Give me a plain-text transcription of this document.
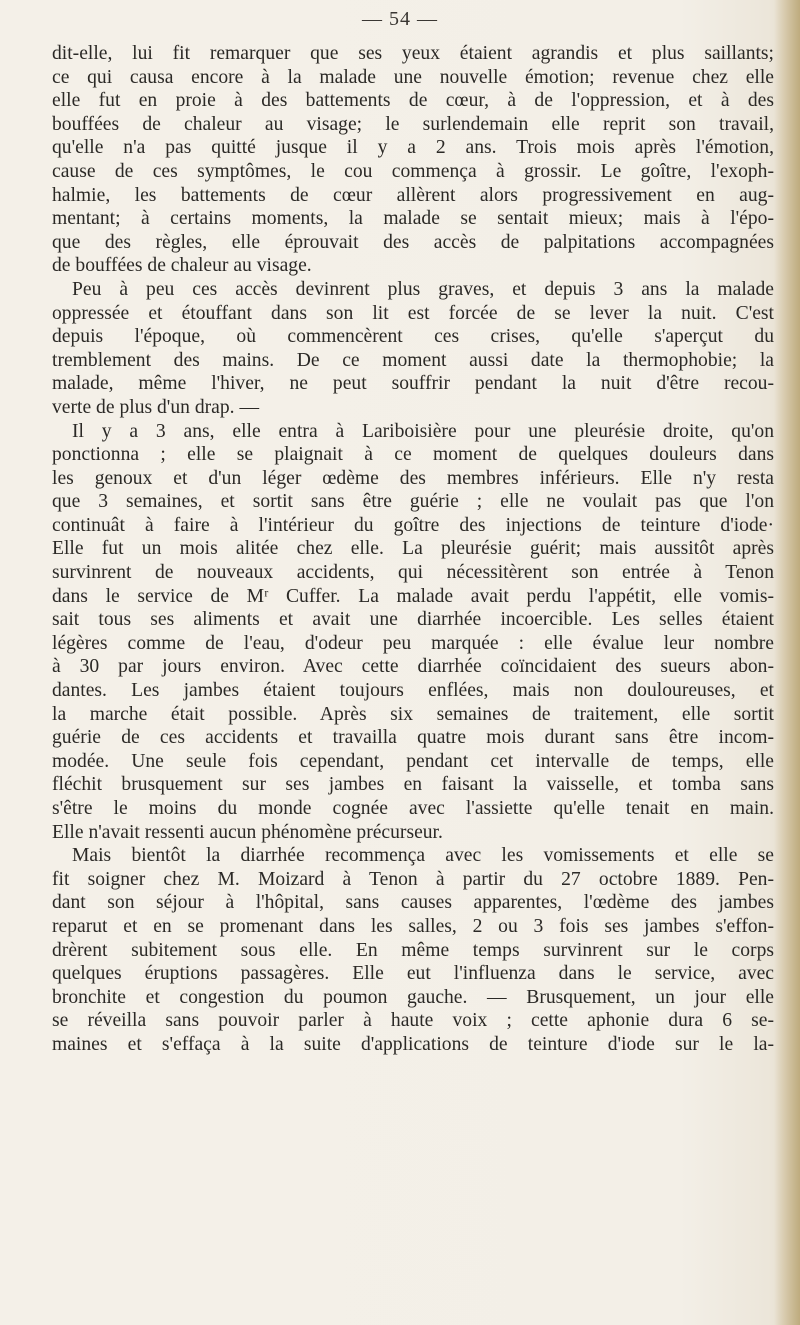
— 54 —
dit-elle, lui fit remarquer que ses yeux étaient agrandis et plus saillants;
ce qui causa encore à la malade une nouvelle émotion; revenue chez elle
elle fut en proie à des battements de cœur, à de l'oppression, et à des
bouffées de chaleur au visage; le surlendemain elle reprit son travail,
qu'elle n'a pas quitté jusque il y a 2 ans. Trois mois après l'émotion,
cause de ces symptômes, le cou commença à grossir. Le goître, l'exoph-
halmie, les battements de cœur allèrent alors progressivement en aug-
mentant; à certains moments, la malade se sentait mieux; mais à l'épo-
que des règles, elle éprouvait des accès de palpitations accompagnées
de bouffées de chaleur au visage.
Peu à peu ces accès devinrent plus graves, et depuis 3 ans la malade
oppressée et étouffant dans son lit est forcée de se lever la nuit. C'est
depuis l'époque, où commencèrent ces crises, qu'elle s'aperçut du
tremblement des mains. De ce moment aussi date la thermophobie; la
malade, même l'hiver, ne peut souffrir pendant la nuit d'être recou-
verte de plus d'un drap. —
Il y a 3 ans, elle entra à Lariboisière pour une pleurésie droite, qu'on
ponctionna ; elle se plaignait à ce moment de quelques douleurs dans
les genoux et d'un léger œdème des membres inférieurs. Elle n'y resta
que 3 semaines, et sortit sans être guérie ; elle ne voulait pas que l'on
continuât à faire à l'intérieur du goître des injections de teinture d'iode·
Elle fut un mois alitée chez elle. La pleurésie guérit; mais aussitôt après
survinrent de nouveaux accidents, qui nécessitèrent son entrée à Tenon
dans le service de Mʳ Cuffer. La malade avait perdu l'appétit, elle vomis-
sait tous ses aliments et avait une diarrhée incoercible. Les selles étaient
légères comme de l'eau, d'odeur peu marquée : elle évalue leur nombre
à 30 par jours environ. Avec cette diarrhée coïncidaient des sueurs abon-
dantes. Les jambes étaient toujours enflées, mais non douloureuses, et
la marche était possible. Après six semaines de traitement, elle sortit
guérie de ces accidents et travailla quatre mois durant sans être incom-
modée. Une seule fois cependant, pendant cet intervalle de temps, elle
fléchit brusquement sur ses jambes en faisant la vaisselle, et tomba sans
s'être le moins du monde cognée avec l'assiette qu'elle tenait en main.
Elle n'avait ressenti aucun phénomène précurseur.
Mais bientôt la diarrhée recommença avec les vomissements et elle se
fit soigner chez M. Moizard à Tenon à partir du 27 octobre 1889. Pen-
dant son séjour à l'hôpital, sans causes apparentes, l'œdème des jambes
reparut et en se promenant dans les salles, 2 ou 3 fois ses jambes s'effon-
drèrent subitement sous elle. En même temps survinrent sur le corps
quelques éruptions passagères. Elle eut l'influenza dans le service, avec
bronchite et congestion du poumon gauche. — Brusquement, un jour elle
se réveilla sans pouvoir parler à haute voix ; cette aphonie dura 6 se-
maines et s'effaça à la suite d'applications de teinture d'iode sur le la-
